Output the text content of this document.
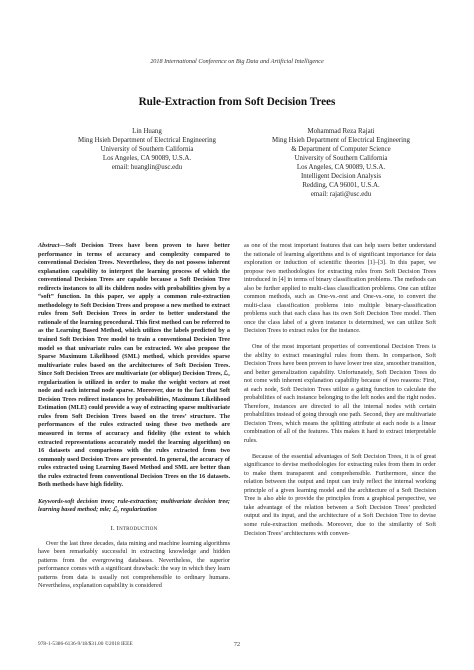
2018 International Conference on Big Data and Artificial Intelligence
Rule-Extraction from Soft Decision Trees
Lin Huang
Ming Hsieh Department of Electrical Engineering
University of Southern California
Los Angeles, CA 90089, U.S.A.
email: huanglin@usc.edu
Mohammad Reza Rajati
Ming Hsieh Department of Electrical Engineering
& Department of Computer Science
University of Southern California
Los Angeles, CA 90089, U.S.A.
Intelligent Decision Analysis
Redding, CA 96001, U.S.A.
email: rajati@usc.edu
Abstract—Soft Decision Trees have been proven to have better performance in terms of accuracy and complexity compared to conventional Decision Trees. Nevertheless, they do not possess inherent explanation capability to interpret the learning process of which the conventional Decision Trees are capable because a Soft Decision Tree redirects instances to all its children nodes with probabilities given by a “soft” function. In this paper, we apply a common rule-extraction methodology to Soft Decision Trees and propose a new method to extract rules from Soft Decision Trees in order to better understand the rationale of the learning procedural. This first method can be referred to as the Learning Based Method, which utilizes the labels predicted by a trained Soft Decision Tree model to train a conventional Decision Tree model so that univariate rules can be extracted. We also propose the Sparse Maximum Likelihood (SML) method, which provides sparse multivariate rules based on the architectures of Soft Decision Trees. Since Soft Decision Trees are multivariate (or oblique) Decision Trees, ℒ₁ regularization is utilized in order to make the weight vectors at root node and each internal node sparse. Moreover, due to the fact that Soft Decision Trees redirect instances by probabilities, Maximum Likelihood Estimation (MLE) could provide a way of extracting sparse multivariate rules from Soft Decision Trees based on the trees’ structure. The performances of the rules extracted using these two methods are measured in terms of accuracy and fidelity (the extent to which extracted representations accurately model the learning algorithm) on 16 datasets and comparisons with the rules extracted from two commonly used Decision Trees are presented. In general, the accuracy of rules extracted using Learning Based Method and SML are better than the rules extracted from conventional Decision Trees on the 16 datasets. Both methods have high fidelity.
Keywords-soft decision trees; rule-extraction; multivariate decision tree; learning based method; mle; ℒ₁ regularization
I. Introduction

Over the last three decades, data mining and machine learning algorithms have been remarkably successful in extracting knowledge and hidden patterns from the evergrowing databases. Nevertheless, the superior performance comes with a significant drawback: the way in which they learn patterns from data is usually not comprehensible to ordinary humans. Nevertheless, explanation capability is considered

as one of the most important features that can help users better understand the rationale of learning algorithms and is of significant importance for data exploration or induction of scientific theories [1]–[3]. In this paper, we propose two methodologies for extracting rules from Soft Decision Trees introduced in [4] in terms of binary classification problems. The methods can also be further applied to multi-class classification problems. One can utilize common methods, such as One-vs.-rest and One-vs.-one, to convert the multi-class classification problems into multiple binary-classification problems such that each class has its own Soft Decision Tree model. Then once the class label of a given instance is determined, we can utilize Soft Decision Trees to extract rules for the instance.

One of the most important properties of conventional Decision Trees is the ability to extract meaningful rules from them. In comparison, Soft Decision Trees have been proven to have lower tree size, smoother transition, and better generalization capability. Unfortunately, Soft Decision Trees do not come with inherent explanation capability because of two reasons: First, at each node, Soft Decision Trees utilize a gating function to calculate the probabilities of each instance belonging to the left nodes and the right nodes. Therefore, instances are directed to all the internal nodes with certain probabilities instead of going through one path. Second, they are multivariate Decision Trees, which means the splitting attribute at each node is a linear combination of all of the features. This makes it hard to extract interpretable rules.

Because of the essential advantages of Soft Decision Trees, it is of great significance to devise methodologies for extracting rules from them in order to make them transparent and comprehensible. Furthermore, since the relation between the output and input can truly reflect the internal working principle of a given learning model and the architecture of a Soft Decision Tree is also able to provide the principles from a graphical perspective, we take advantage of the relation between a Soft Decision Trees’ predicted output and its input, and the architecture of a Soft Decision Tree to devise some rule-extraction methods. Moreover, due to the similarity of Soft Decision Trees’ architectures with conven-

978-1-5386-6136-9/18/$31.00 ©2018 IEEE	72
